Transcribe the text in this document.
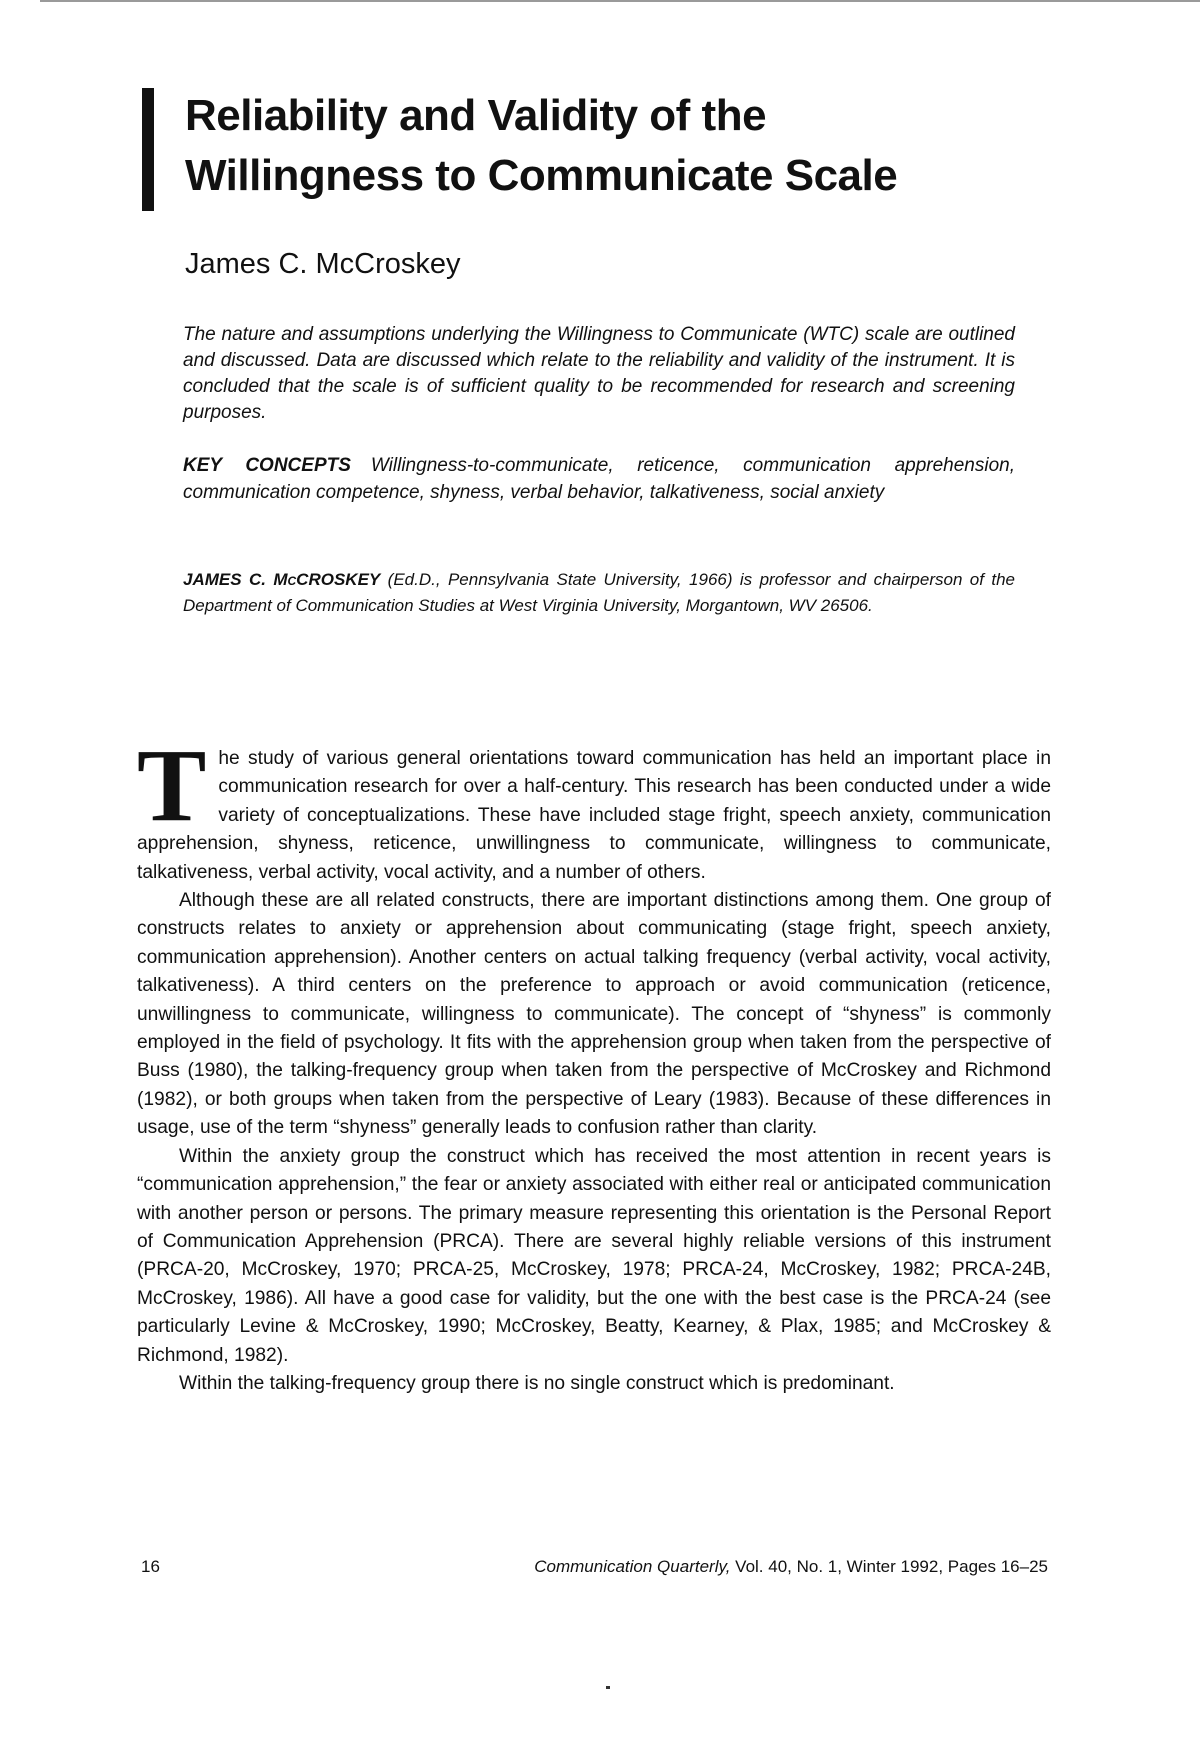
Reliability and Validity of the
Willingness to Communicate Scale

James C. McCroskey

The nature and assumptions underlying the Willingness to Communicate (WTC) scale are outlined and discussed. Data are discussed which relate to the reliability and validity of the instrument. It is concluded that the scale is of sufficient quality to be recommended for research and screening purposes.

KEY CONCEPTS Willingness-to-communicate, reticence, communication apprehension, communication competence, shyness, verbal behavior, talkativeness, social anxiety

JAMES C. McCROSKEY (Ed.D., Pennsylvania State University, 1966) is professor and chairperson of the Department of Communication Studies at West Virginia University, Morgantown, WV 26506.

The study of various general orientations toward communication has held an important place in communication research for over a half-century. This research has been conducted under a wide variety of conceptualizations. These have included stage fright, speech anxiety, communication apprehension, shyness, reticence, unwillingness to communicate, willingness to communicate, talkativeness, verbal activity, vocal activity, and a number of others.

Although these are all related constructs, there are important distinctions among them. One group of constructs relates to anxiety or apprehension about communicating (stage fright, speech anxiety, communication apprehension). Another centers on actual talking frequency (verbal activity, vocal activity, talkativeness). A third centers on the preference to approach or avoid communication (reticence, unwillingness to communicate, willingness to communicate). The concept of “shyness” is commonly employed in the field of psychology. It fits with the apprehension group when taken from the perspective of Buss (1980), the talking-frequency group when taken from the perspective of McCroskey and Richmond (1982), or both groups when taken from the perspective of Leary (1983). Because of these differences in usage, use of the term “shyness” generally leads to confusion rather than clarity.

Within the anxiety group the construct which has received the most attention in recent years is “communication apprehension,” the fear or anxiety associated with either real or anticipated communication with another person or persons. The primary measure representing this orientation is the Personal Report of Communication Apprehension (PRCA). There are several highly reliable versions of this instrument (PRCA-20, McCroskey, 1970; PRCA-25, McCroskey, 1978; PRCA-24, McCroskey, 1982; PRCA-24B, McCroskey, 1986). All have a good case for validity, but the one with the best case is the PRCA-24 (see particularly Levine & McCroskey, 1990; McCroskey, Beatty, Kearney, & Plax, 1985; and McCroskey & Richmond, 1982).

Within the talking-frequency group there is no single construct which is predominant.

16	Communication Quarterly, Vol. 40, No. 1, Winter 1992, Pages 16–25
